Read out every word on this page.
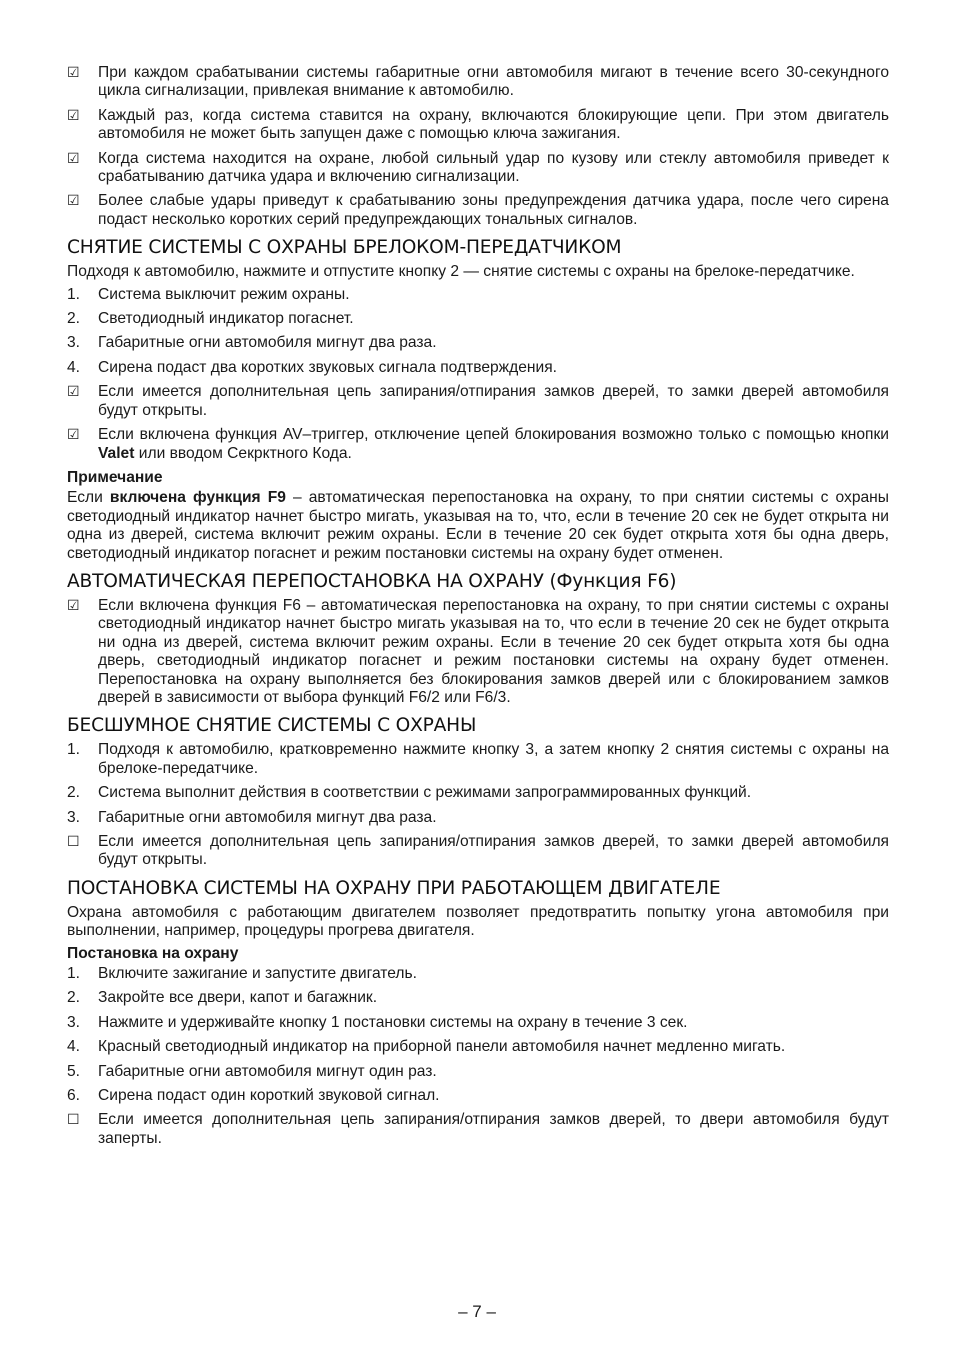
☑	При каждом срабатывании системы габаритные огни автомобиля мигают в течение всего 30-секундного цикла сигнализации, привлекая внимание к автомобилю.
☑	Каждый раз, когда система ставится на охрану, включаются блокирующие цепи. При этом двигатель автомобиля не может быть запущен даже с помощью ключа зажигания.
☑	Когда система находится на охране, любой сильный удар по кузову или стеклу автомобиля приведет к срабатыванию датчика удара и включению сигнализации.
☑	Более слабые удары приведут к срабатыванию зоны предупреждения датчика удара, после чего сирена подаст несколько коротких серий предупреждающих тональных сигналов.
СНЯТИЕ СИСТЕМЫ С ОХРАНЫ БРЕЛОКОМ-ПЕРЕДАТЧИКОМ

Подходя к автомобилю, нажмите и отпустите кнопку 2 — снятие системы с охраны на брелоке-передатчике.

1.	Система выключит режим охраны.
2.	Светодиодный индикатор погаснет.
3.	Габаритные огни автомобиля мигнут два раза.
4.	Сирена подаст два коротких звуковых сигнала подтверждения.
☑	Если имеется дополнительная цепь запирания/отпирания замков дверей, то замки дверей автомобиля будут открыты.
☑	Если включена функция AV–триггер, отключение цепей блокирования возможно только с помощью кнопки Valet или вводом Секрктного Кода.
Примечание

Если включена функция F9 – автоматическая перепостановка на охрану, то при снятии системы с охраны светодиодный индикатор начнет быстро мигать, указывая на то, что, если в течение 20 сек не будет открыта ни одна из дверей, система включит режим охраны. Если в течение 20 сек будет открыта хотя бы одна дверь, светодиодный индикатор погаснет и режим постановки системы на охрану будет отменен.

АВТОМАТИЧЕСКАЯ ПЕРЕПОСТАНОВКА НА ОХРАНУ (Функция F6)
☑	Если включена функция F6 – автоматическая перепостановка на охрану, то при снятии системы с охраны светодиодный индикатор начнет быстро мигать указывая на то, что если в течение 20 сек не будет открыта ни одна из дверей, система включит режим охраны. Если в течение 20 сек будет открыта хотя бы одна дверь, светодиодный индикатор погаснет и режим постановки системы на охрану будет отменен. Перепостановка на охрану выполняется без блокирования замков дверей или с блокированием замков дверей в зависимости от выбора функций F6/2 или F6/3.
БЕСШУМНОЕ СНЯТИЕ СИСТЕМЫ С ОХРАНЫ
1.	Подходя к автомобилю, кратковременно нажмите кнопку 3, а затем кнопку 2 снятия системы с охраны на брелоке-передатчике.
2.	Система выполнит действия в соответствии с режимами запрограммированных функций.
3.	Габаритные огни автомобиля мигнут два раза.
☐	Если имеется дополнительная цепь запирания/отпирания замков дверей, то замки дверей автомобиля будут открыты.
ПОСТАНОВКА СИСТЕМЫ НА ОХРАНУ ПРИ РАБОТАЮЩЕМ ДВИГАТЕЛЕ

Охрана автомобиля с работающим двигателем позволяет предотвратить попытку угона автомобиля при выполнении, например, процедуры прогрева двигателя.

Постановка на охрану
1.	Включите зажигание и запустите двигатель.
2.	Закройте все двери, капот и багажник.
3.	Нажмите и удерживайте кнопку 1 постановки системы на охрану в течение 3 сек.
4.	Красный светодиодный индикатор на приборной панели автомобиля начнет медленно мигать.
5.	Габаритные огни автомобиля мигнут один раз.
6.	Сирена подаст один короткий звуковой сигнал.
☐	Если имеется дополнительная цепь запирания/отпирания замков дверей, то двери автомобиля будут заперты.
– 7 –
